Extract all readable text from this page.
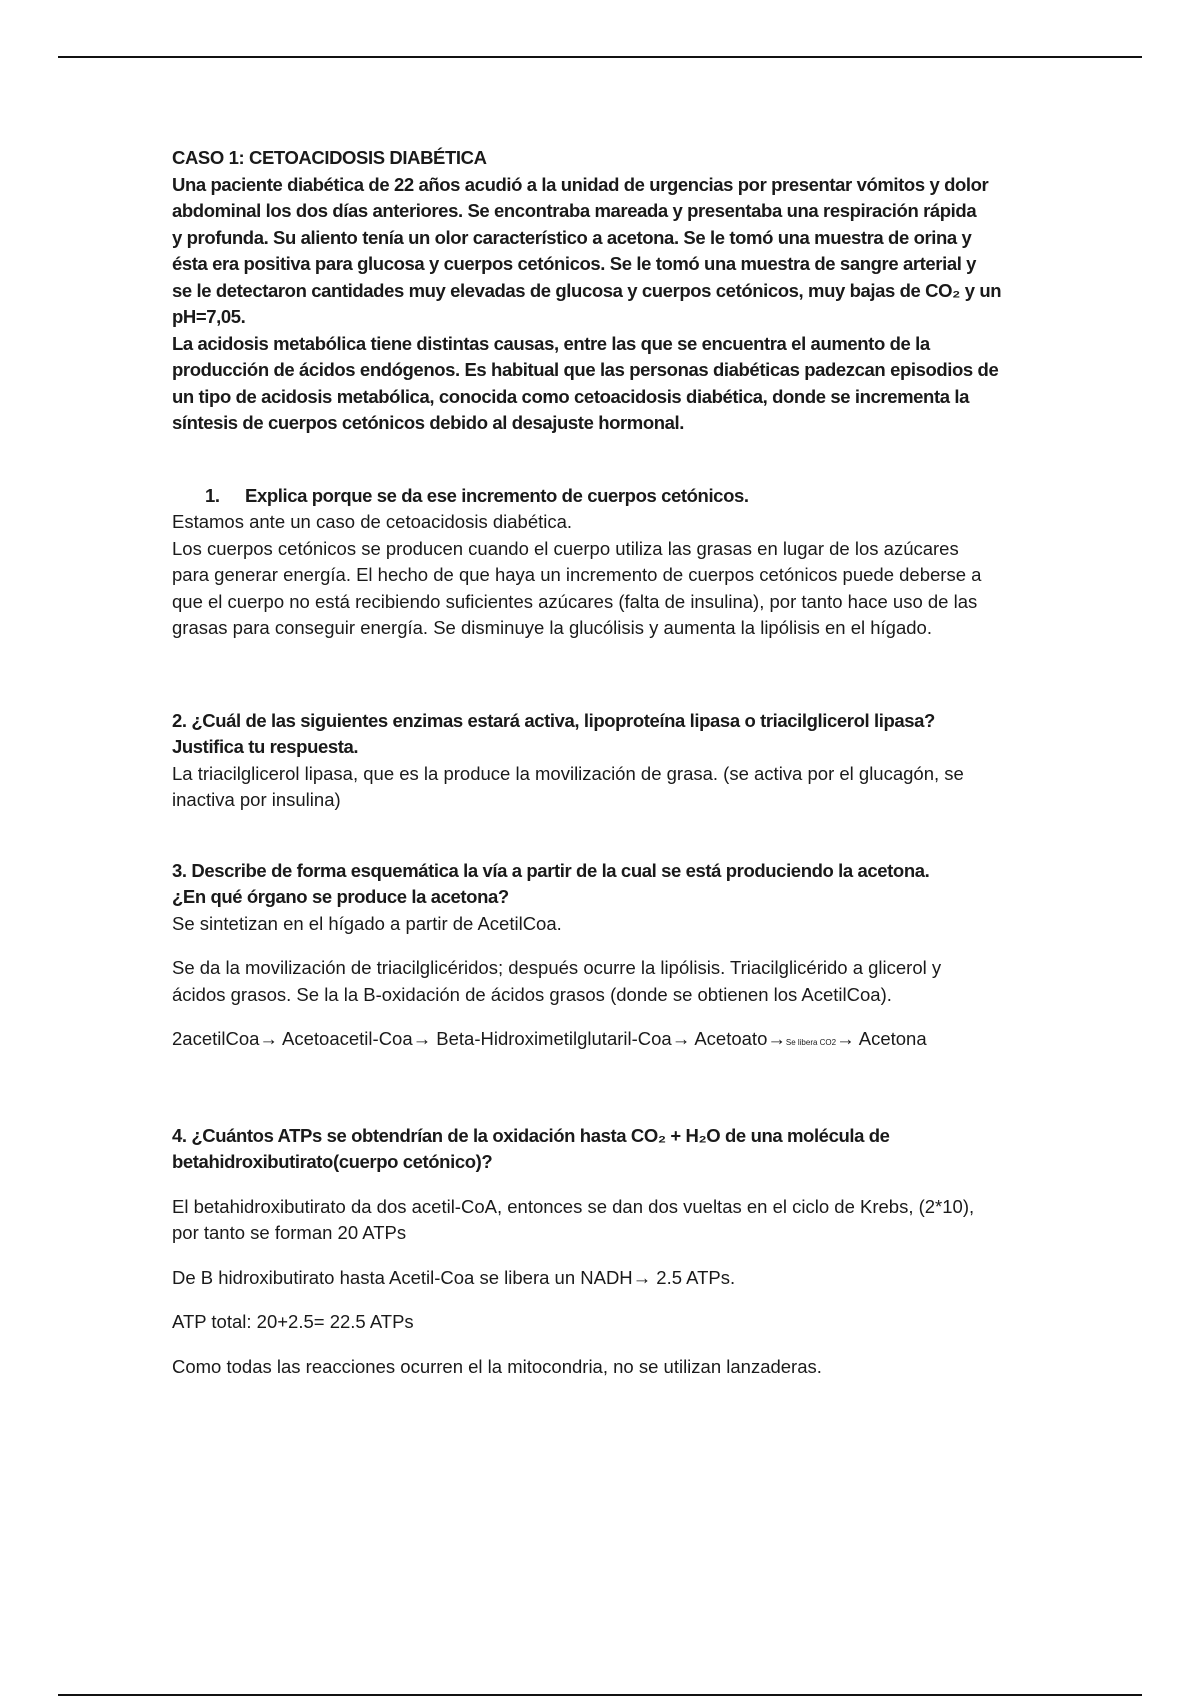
CASO 1: CETOACIDOSIS DIABÉTICA

Una paciente diabética de 22 años acudió a la unidad de urgencias por presentar vómitos y dolor

abdominal los dos días anteriores. Se encontraba mareada y presentaba una respiración rápida

y profunda. Su aliento tenía un olor característico a acetona. Se le tomó una muestra de orina y

ésta era positiva para glucosa y cuerpos cetónicos. Se le tomó una muestra de sangre arterial y

se le detectaron cantidades muy elevadas de glucosa y cuerpos cetónicos, muy bajas de CO₂ y un

pH=7,05.

La acidosis metabólica tiene distintas causas, entre las que se encuentra el aumento de la

producción de ácidos endógenos. Es habitual que las personas diabéticas padezcan episodios de

un tipo de acidosis metabólica, conocida como cetoacidosis diabética, donde se incrementa la

síntesis de cuerpos cetónicos debido al desajuste hormonal.

1. Explica porque se da ese incremento de cuerpos cetónicos.

Estamos ante un caso de cetoacidosis diabética.

Los cuerpos cetónicos se producen cuando el cuerpo utiliza las grasas en lugar de los azúcares

para generar energía. El hecho de que haya un incremento de cuerpos cetónicos puede deberse a

que el cuerpo no está recibiendo suficientes azúcares (falta de insulina), por tanto hace uso de las

grasas para conseguir energía. Se disminuye la glucólisis y aumenta la lipólisis en el hígado.

2. ¿Cuál de las siguientes enzimas estará activa, lipoproteína lipasa o triacilglicerol lipasa?

Justifica tu respuesta.

La triacilglicerol lipasa, que es la produce la movilización de grasa. (se activa por el glucagón, se

inactiva por insulina)

3. Describe de forma esquemática la vía a partir de la cual se está produciendo la acetona.

¿En qué órgano se produce la acetona?

Se sintetizan en el hígado a partir de AcetilCoa.

Se da la movilización de triacilglicéridos; después ocurre la lipólisis. Triacilglicérido a glicerol y

ácidos grasos. Se la la B-oxidación de ácidos grasos (donde se obtienen los AcetilCoa).

2acetilCoa→ Acetoacetil-Coa→ Beta-Hidroximetilglutaril-Coa→ Acetoato→Se libera CO2→ Acetona

4. ¿Cuántos ATPs se obtendrían de la oxidación hasta CO₂ + H₂O de una molécula de

betahidroxibutirato(cuerpo cetónico)?

El betahidroxibutirato da dos acetil-CoA, entonces se dan dos vueltas en el ciclo de Krebs, (2*10),

por tanto se forman 20 ATPs

De B hidroxibutirato hasta Acetil-Coa se libera un NADH→ 2.5 ATPs.

ATP total: 20+2.5= 22.5 ATPs

Como todas las reacciones ocurren el la mitocondria, no se utilizan lanzaderas.
